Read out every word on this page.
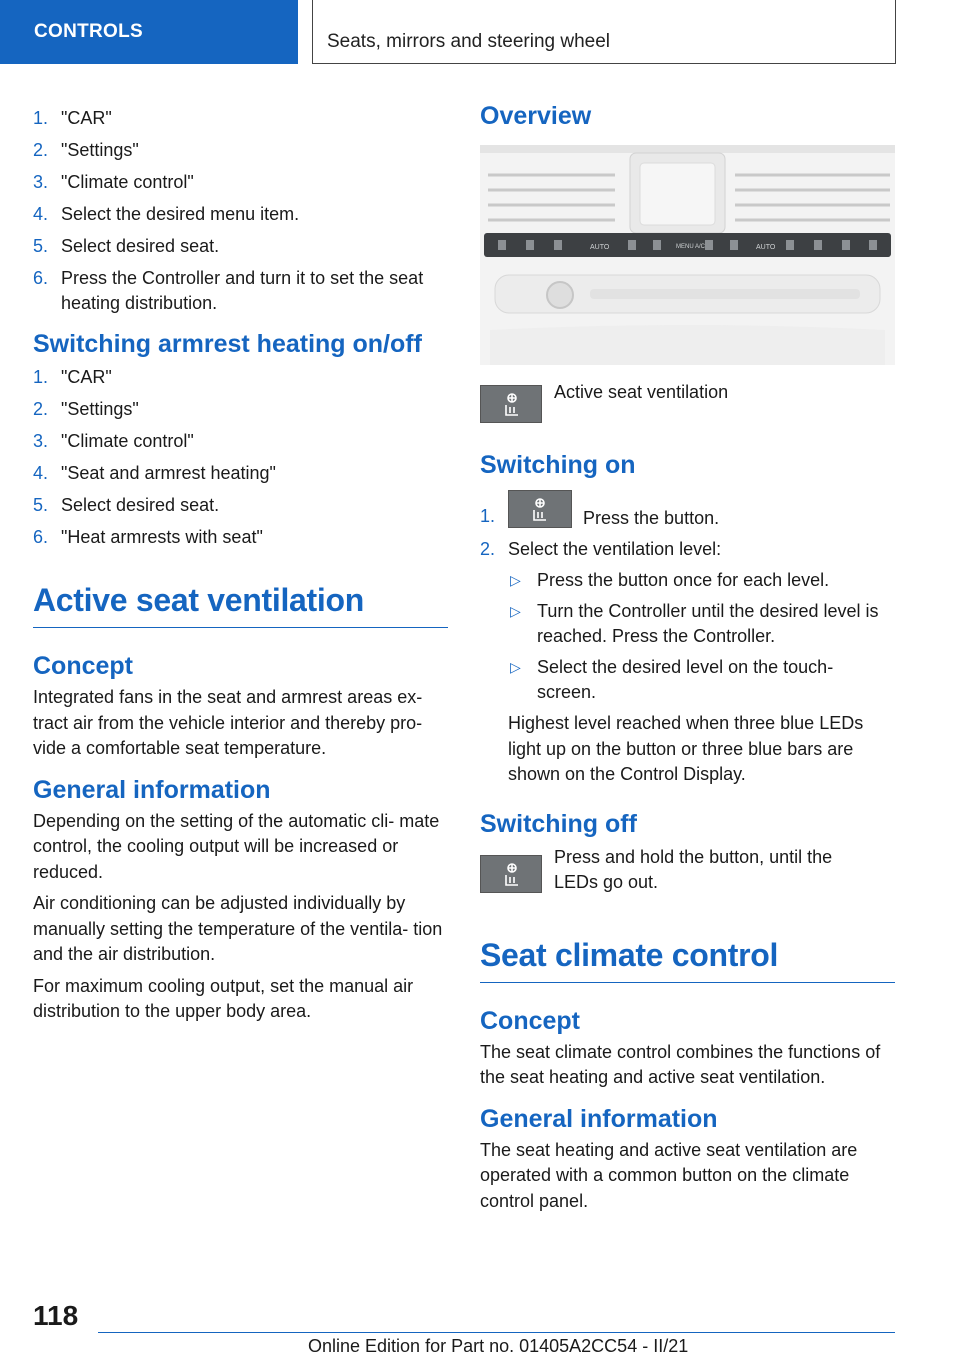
CONTROLS	Seats, mirrors and steering wheel
1. "CAR"
2. "Settings"
3. "Climate control"
4. Select the desired menu item.
5. Select desired seat.
6. Press the Controller and turn it to set the seat heating distribution.
Switching armrest heating on/off
1. "CAR"
2. "Settings"
3. "Climate control"
4. "Seat and armrest heating"
5. Select desired seat.
6. "Heat armrests with seat"
Active seat ventilation
Concept

Integrated fans in the seat and armrest areas ex- tract air from the vehicle interior and thereby pro- vide a comfortable seat temperature.

General information

Depending on the setting of the automatic cli- mate control, the cooling output will be increased or reduced.

Air conditioning can be adjusted individually by manually setting the temperature of the ventila- tion and the air distribution.

For maximum cooling output, set the manual air distribution to the upper body area.

Overview
AUTO	MENU A/C	AUTO
Active seat ventilation
Switching on
1.	Press the button.
2. Select the ventilation level:
▷ Press the button once for each level.
▷ Turn the Controller until the desired level is reached. Press the Controller.
▷ Select the desired level on the touch- screen.

Highest level reached when three blue LEDs light up on the button or three blue bars are shown on the Control Display.

Switching off

Press and hold the button, until the LEDs go out.

Seat climate control
Concept

The seat climate control combines the functions of the seat heating and active seat ventilation.

General information

The seat heating and active seat ventilation are operated with a common button on the climate control panel.

118
Online Edition for Part no. 01405A2CC54 - II/21
